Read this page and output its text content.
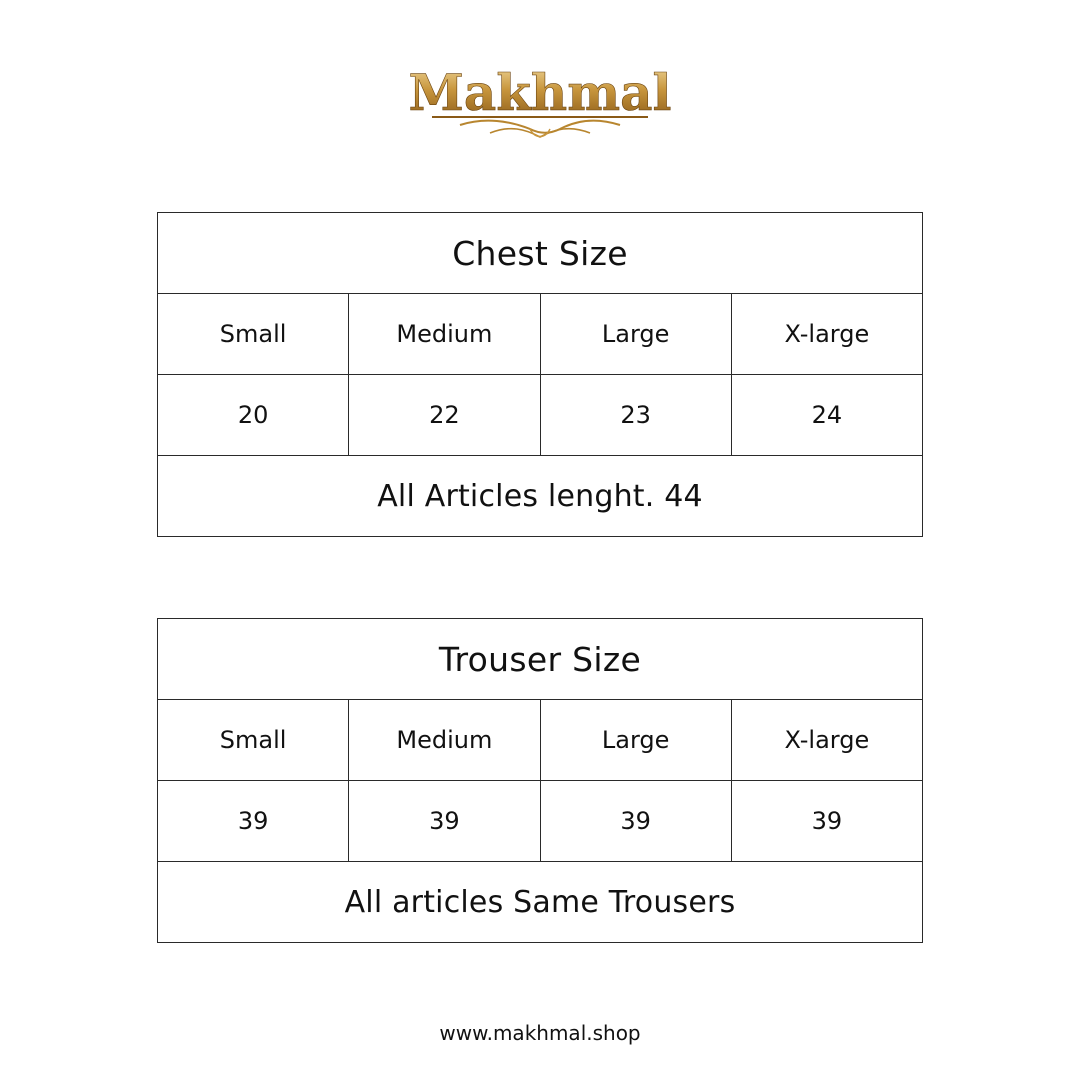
Makhmal
Chest Size			
Small	Medium	Large	X-large
20	22	23	24
All Articles lenght. 44			
Trouser Size			
Small	Medium	Large	X-large
39	39	39	39
All articles Same Trousers			
www.makhmal.shop
